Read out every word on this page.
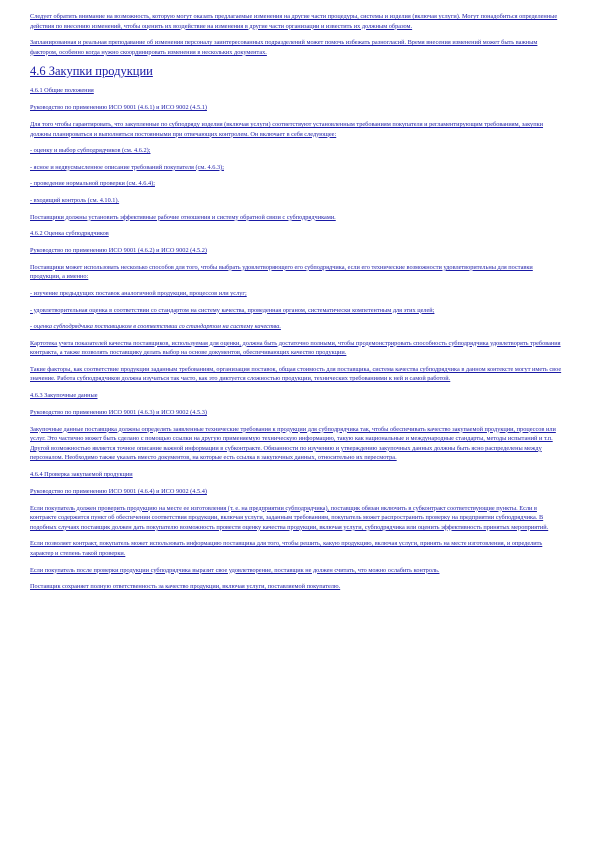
Следует обратить внимание на возможность, которую могут оказать предлагаемые изменения на другие части процедуры, системы и изделия (включая услуги). Могут понадобиться определенные действия по внесению изменений, чтобы оценить их воздействие на изменения в другие части организации и известить их должным образом.

Запланированная и реальная преподавание об изменения персоналу заинтересованных подразделений может помочь избежать разногласий. Время внесения изменений может быть важным фактором, особенно когда нужно скоординировать изменения в нескольких документах.

4.6 Закупки продукции
4.6.1 Общие положения

Руководство по применению ИСО 9001 (4.6.1) и ИСО 9002 (4.5.1)

Для того чтобы гарантировать, что закупленные по субподряду изделия (включая услуги) соответствуют установленным требованиям покупателя и регламентирующим требованиям, закупки должны планироваться и выполняться постоянными при отвечающих контролем. Он включает в себя следующее:

- оценку и выбор субподрядчиков (см. 4.6.2);

- ясное и недвусмысленное описание требований покупателя (см. 4.6.3);

- проведение нормальной проверки (см. 4.6.4);

- входящий контроль (см. 4.10.1).

Поставщики должны установить эффективные рабочие отношения и систему обратной связи с субподрядчиками.

4.6.2 Оценка субподрядчиков

Руководство по применению ИСО 9001 (4.6.2) и ИСО 9002 (4.5.2)

Поставщики может использовать несколько способов для того, чтобы выбрать удовлетворяющего его субподрядчика, если его технические возможности удовлетворительны для поставки продукции, а именно:

- изучение предыдущих поставок аналогичной продукции, процессов или услуг;

- удовлетворительная оценка в соответствии со стандартом на систему качества, проведенная органом, систематически компетентным для этих целей;

- оценка субподрядчика поставщиком в соответствии со стандартом на систему качества.

Картотека учета показателей качества поставщиков, используемая для оценки, должна быть достаточно полными, чтобы продемонстрировать способность субподрядчика удовлетворять требования контракта, а также позволять поставщику делать выбор на основе документов, обеспечивающих качество продукции.

Такие факторы, как соответствие продукции заданным требованиям, организация поставок, общая стоимость для поставщика, система качества субподрядчика в данном контексте могут иметь свое значение. Работа субподрядчиков должна изучаться так часто, как это диктуется сложностью продукции, технических требованиями к ней и самой работой.

4.6.3 Закупочные данные

Руководство по применению ИСО 9001 (4.6.3) и ИСО 9002 (4.5.3)

Закупочные данные поставщика должны определять заявленные технические требования к продукции для субподрядчика так, чтобы обеспечивать качество закупаемой продукции, процессов или услуг. Это частично может быть сделано с помощью ссылки на другую применяемую техническую информацию, такую как национальные и международные стандарты, методы испытаний и т.п. Другой возможностью является точное описание важной информации в субконтракте. Обязанности по изучению и утверждению закупочных данных должны быть ясно распределены между персоналом. Необходимо также указать вместо документов, на которые есть ссылка в закупочных данных, относительно их пересмотра.

4.6.4 Проверка закупаемой продукции

Руководство по применению ИСО 9001 (4.6.4) и ИСО 9002 (4.5.4)

Если покупатель должен проверить продукцию на месте ее изготовления (т. е. на предприятии субподрядчика), поставщик обязан включить в субконтракт соответствующие пункты. Если в контракте содержится пункт об обеспечении соответствия продукции, включая услуги, заданным требованиям, покупатель может распространить проверку на предприятии субподрядчика. В подобных случаях поставщик должен дать покупателю возможность провести оценку качества продукции, включая услуги, субподрядчика или оценить эффективность принятых мероприятий.

Если позволяет контракт, покупатель может использовать информацию поставщика для того, чтобы решить, какую продукцию, включая услуги, принять на месте изготовления, и определить характер и степень такой проверки.

Если покупатель после проверки продукции субподрядчика выразит свое удовлетворение, поставщик не должен считать, что можно ослабить контроль.

Поставщик сохраняет полную ответственность за качество продукции, включая услуги, поставляемой покупателю.
